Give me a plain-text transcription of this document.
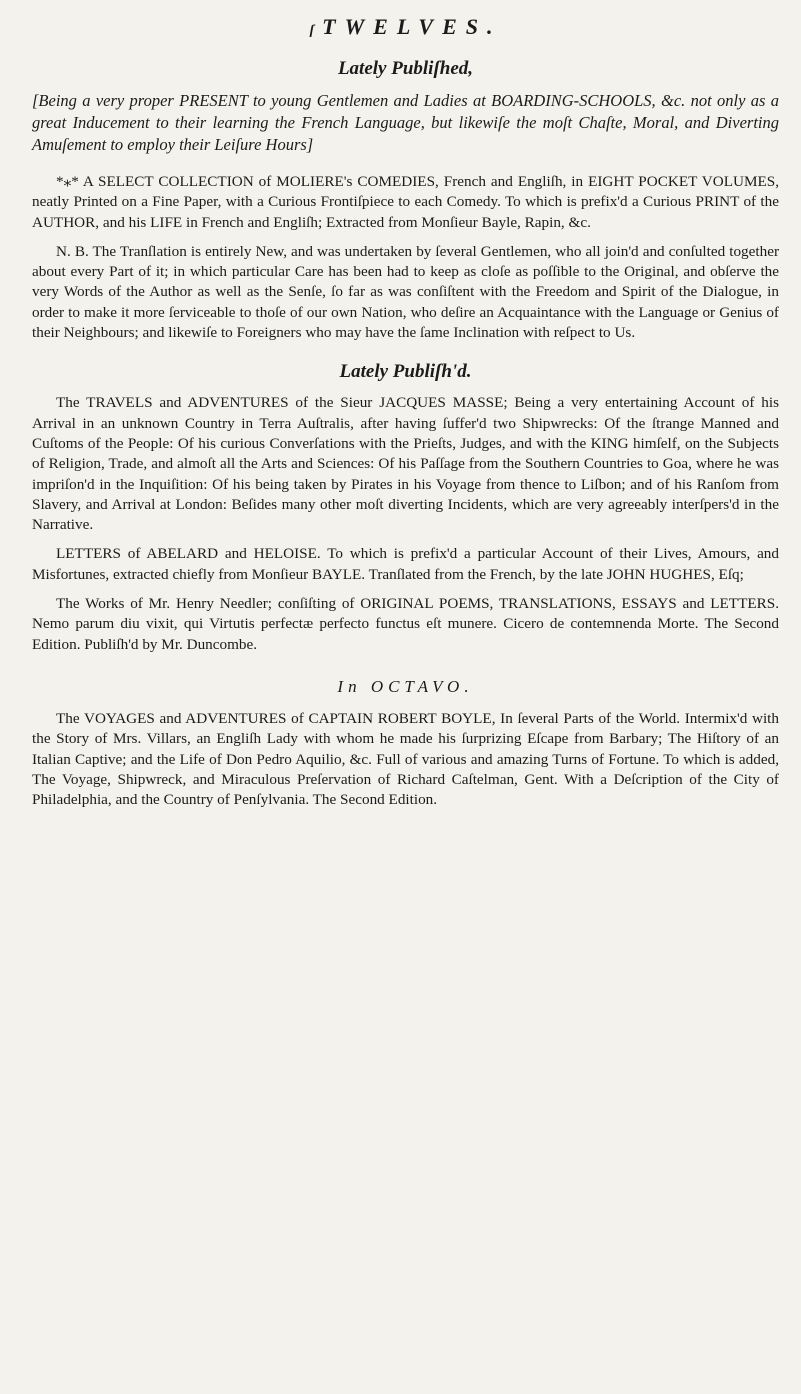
ſ TWELVES.
Lately Publiſhed,

[Being a very proper PRESENT to young Gentlemen and Ladies at BOARDING-SCHOOLS, &c. not only as a great Inducement to their learning the French Language, but likewiſe the moſt Chaſte, Moral, and Diverting Amuſement to employ their Leiſure Hours]

*⁎* A SELECT COLLECTION of MOLIERE's COMEDIES, French and Engliſh, in EIGHT POCKET VOLUMES, neatly Printed on a Fine Paper, with a Curious Frontiſpiece to each Comedy. To which is prefix'd a Curious PRINT of the AUTHOR, and his LIFE in French and Engliſh; Extracted from Monſieur Bayle, Rapin, &c.

N. B. The Tranſlation is entirely New, and was undertaken by ſeveral Gentlemen, who all join'd and conſulted together about every Part of it; in which particular Care has been had to keep as cloſe as poſſible to the Original, and obſerve the very Words of the Author as well as the Senſe, ſo far as was conſiſtent with the Freedom and Spirit of the Dialogue, in order to make it more ſerviceable to thoſe of our own Nation, who deſire an Acquaintance with the Language or Genius of their Neighbours; and likewiſe to Foreigners who may have the ſame Inclination with reſpect to Us.

Lately Publiſh'd.

The TRAVELS and ADVENTURES of the Sieur JACQUES MASSE; Being a very entertaining Account of his Arrival in an unknown Country in Terra Auſtralis, after having ſuffer'd two Shipwrecks: Of the ſtrange Manned and Cuſtoms of the People: Of his curious Converſations with the Prieſts, Judges, and with the KING himſelf, on the Subjects of Religion, Trade, and almoſt all the Arts and Sciences: Of his Paſſage from the Southern Countries to Goa, where he was impriſon'd in the Inquiſition: Of his being taken by Pirates in his Voyage from thence to Liſbon; and of his Ranſom from Slavery, and Arrival at London: Beſides many other moſt diverting Incidents, which are very agreeably interſpers'd in the Narrative.

LETTERS of ABELARD and HELOISE. To which is prefix'd a particular Account of their Lives, Amours, and Misfortunes, extracted chiefly from Monſieur BAYLE. Tranſlated from the French, by the late JOHN HUGHES, Eſq;

The Works of Mr. Henry Needler; conſiſting of ORIGINAL POEMS, TRANSLATIONS, ESSAYS and LETTERS. Nemo parum diu vixit, qui Virtutis perfectæ perfecto functus eſt munere. Cicero de contemnenda Morte. The Second Edition. Publiſh'd by Mr. Duncombe.

In OCTAVO.

The VOYAGES and ADVENTURES of CAPTAIN ROBERT BOYLE, In ſeveral Parts of the World. Intermix'd with the Story of Mrs. Villars, an Engliſh Lady with whom he made his ſurprizing Eſcape from Barbary; The Hiſtory of an Italian Captive; and the Life of Don Pedro Aquilio, &c. Full of various and amazing Turns of Fortune. To which is added, The Voyage, Shipwreck, and Miraculous Preſervation of Richard Caſtelman, Gent. With a Deſcription of the City of Philadelphia, and the Country of Penſylvania. The Second Edition.
